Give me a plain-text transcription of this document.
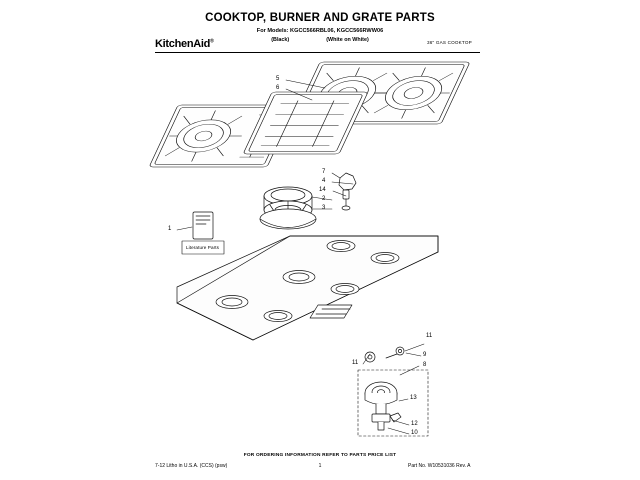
COOKTOP, BURNER AND GRATE PARTS
For Models: KGCC566RBL06, KGCC566RWW06
(Black)	(White on White)
KitchenAid®	36" GAS COOKTOP
5
6
7
4
14
2
3
1
11
11
9
8
13
12
10
Literature Parts
FOR ORDERING INFORMATION REFER TO PARTS PRICE LIST
7‑12 Litho in U.S.A. (CCS) (psw)	1	Part No. W10531036 Rev. A
